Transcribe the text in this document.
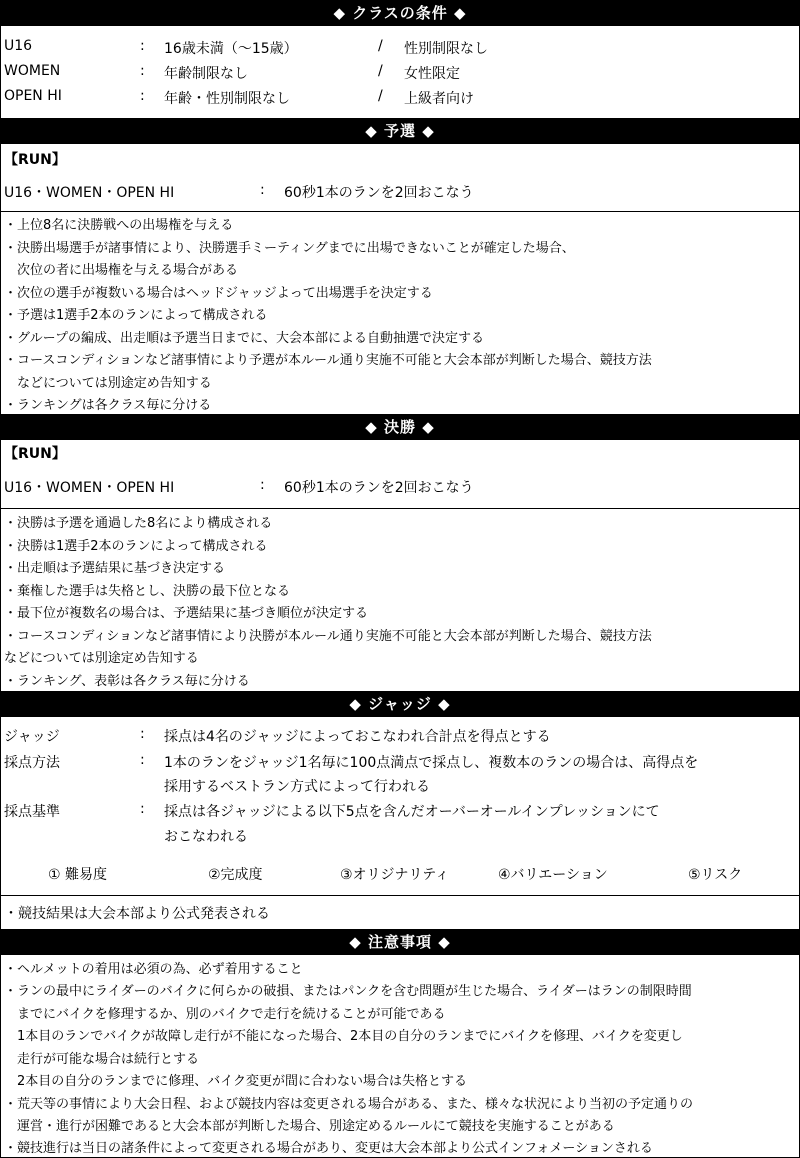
◆ クラスの条件 ◆
U16	: 16歳未満（〜15歳）	/ 性別制限なし
WOMEN	: 年齢制限なし	/ 女性限定
OPEN HI	: 年齢・性別制限なし	/ 上級者向け
◆ 予選 ◆
【RUN】
U16・WOMEN・OPEN HI	: 60秒1本のランを2回おこなう
・上位8名に決勝戦への出場権を与える
・決勝出場選手が諸事情により、決勝選手ミーティングまでに出場できないことが確定した場合、
　次位の者に出場権を与える場合がある
・次位の選手が複数いる場合はヘッドジャッジよって出場選手を決定する
・予選は1選手2本のランによって構成される
・グループの編成、出走順は予選当日までに、大会本部による自動抽選で決定する
・コースコンディションなど諸事情により予選が本ルール通り実施不可能と大会本部が判断した場合、競技方法
　などについては別途定め告知する
・ランキングは各クラス毎に分ける
◆ 決勝 ◆
【RUN】
U16・WOMEN・OPEN HI	: 60秒1本のランを2回おこなう
・決勝は予選を通過した8名により構成される
・決勝は1選手2本のランによって構成される
・出走順は予選結果に基づき決定する
・棄権した選手は失格とし、決勝の最下位となる
・最下位が複数名の場合は、予選結果に基づき順位が決定する
・コースコンディションなど諸事情により決勝が本ルール通り実施不可能と大会本部が判断した場合、競技方法
などについては別途定め告知する
・ランキング、表彰は各クラス毎に分ける
◆ ジャッジ ◆
ジャッジ	: 採点は4名のジャッジによっておこなわれ合計点を得点とする
採点方法	: 1本のランをジャッジ1名毎に100点満点で採点し、複数本のランの場合は、高得点を
採用するベストラン方式によって行われる
採点基準	: 採点は各ジャッジによる以下5点を含んだオーバーオールインプレッションにて
おこなわれる
① 難易度	②完成度	③オリジナリティ	④バリエーション	⑤リスク
・競技結果は大会本部より公式発表される
◆ 注意事項 ◆
・ヘルメットの着用は必須の為、必ず着用すること
・ランの最中にライダーのバイクに何らかの破損、またはパンクを含む問題が生じた場合、ライダーはランの制限時間
　までにバイクを修理するか、別のバイクで走行を続けることが可能である
　1本目のランでバイクが故障し走行が不能になった場合、2本目の自分のランまでにバイクを修理、バイクを変更し
　走行が可能な場合は続行とする
　2本目の自分のランまでに修理、バイク変更が間に合わない場合は失格とする
・荒天等の事情により大会日程、および競技内容は変更される場合がある、また、様々な状況により当初の予定通りの
　運営・進行が困難であると大会本部が判断した場合、別途定めるルールにて競技を実施することがある
・競技進行は当日の諸条件によって変更される場合があり、変更は大会本部より公式インフォメーションされる
